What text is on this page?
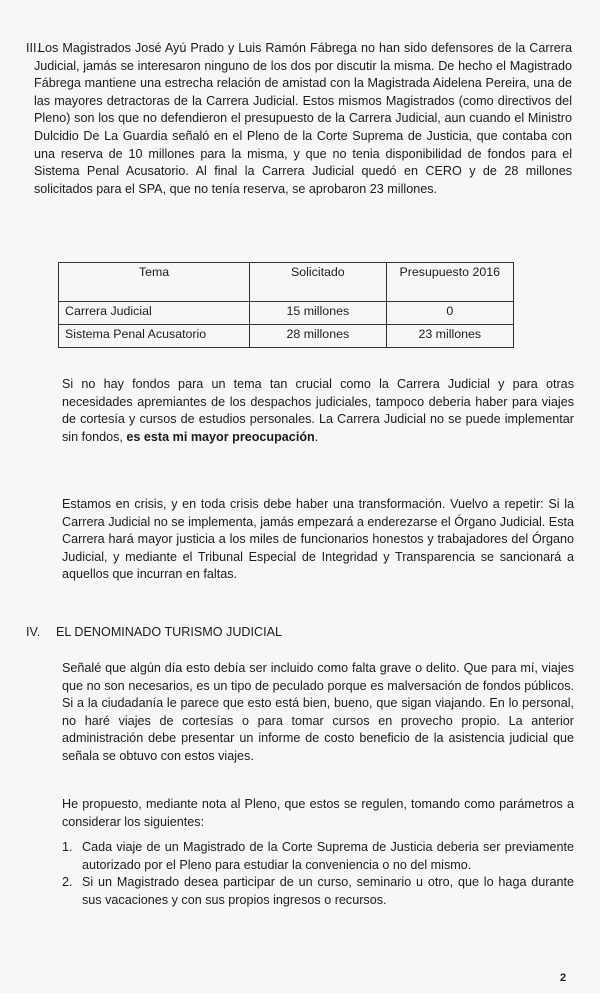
III.
Los Magistrados José Ayú Prado y Luis Ramón Fábrega no han sido defensores de la Carrera Judicial, jamás se interesaron ninguno de los dos por discutir la misma. De hecho el Magistrado Fábrega mantiene una estrecha relación de amistad con la Magistrada Aidelena Pereira, una de las mayores detractoras de la Carrera Judicial. Estos mismos Magistrados (como directivos del Pleno) son los que no defendieron el presupuesto de la Carrera Judicial, aun cuando el Ministro Dulcidio De La Guardia señaló en el Pleno de la Corte Suprema de Justicia, que contaba con una reserva de 10 millones para la misma, y que no tenia disponibilidad de fondos para el Sistema Penal Acusatorio. Al final la Carrera Judicial quedó en CERO y de 28 millones solicitados para el SPA, que no tenía reserva, se aprobaron 23 millones.
Tema	Solicitado	Presupuesto 2016
Carrera Judicial	15 millones	0
Sistema Penal Acusatorio	28 millones	23 millones
Si no hay fondos para un tema tan crucial como la Carrera Judicial y para otras necesidades apremiantes de los despachos judiciales, tampoco deberia haber para viajes de cortesía y cursos de estudios personales. La Carrera Judicial no se puede implementar sin fondos, es esta mi mayor preocupación.
Estamos en crisis, y en toda crisis debe haber una transformación. Vuelvo a repetir: Si la Carrera Judicial no se implementa, jamás empezará a enderezarse el Órgano Judicial. Esta Carrera hará mayor justicia a los miles de funcionarios honestos y trabajadores del Órgano Judicial, y mediante el Tribunal Especial de Integridad y Transparencia se sancionará a aquellos que incurran en faltas.
IV. EL DENOMINADO TURISMO JUDICIAL
Señalé que algún día esto debía ser incluido como falta grave o delito. Que para mí, viajes que no son necesarios, es un tipo de peculado porque es malversación de fondos públicos. Si a la ciudadanía le parece que esto está bien, bueno, que sigan viajando. En lo personal, no haré viajes de cortesías o para tomar cursos en provecho propio. La anterior administración debe presentar un informe de costo beneficio de la asistencia judicial que señala se obtuvo con estos viajes.
He propuesto, mediante nota al Pleno, que estos se regulen, tomando como parámetros a considerar los siguientes:
1. Cada viaje de un Magistrado de la Corte Suprema de Justicia deberia ser previamente autorizado por el Pleno para estudiar la conveniencia o no del mismo.
2. Si un Magistrado desea participar de un curso, seminario u otro, que lo haga durante sus vacaciones y con sus propios ingresos o recursos.
2
